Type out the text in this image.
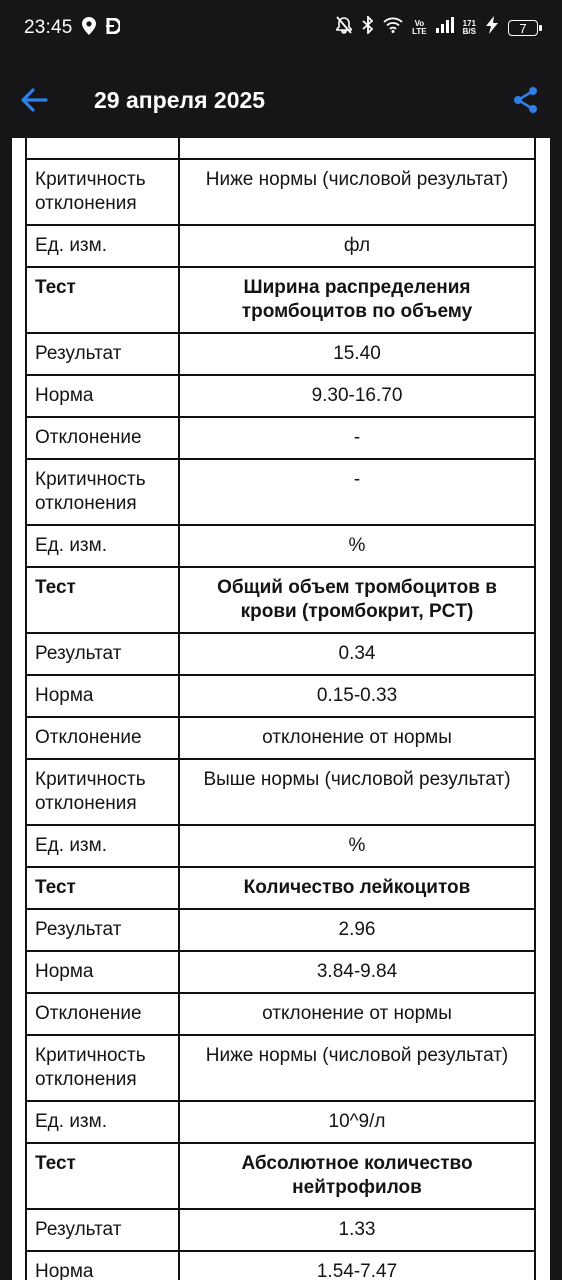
23:45	Vo
LTE
171
B/S	7
29 апреля 2025

Критичность отклонения	Ниже нормы (числовой результат)
Ед. изм.	фл
Тест	Ширина распределения тромбоцитов по объему
Результат	15.40
Норма	9.30-16.70
Отклонение	-
Критичность отклонения	-
Ед. изм.	%
Тест	Общий объем тромбоцитов в крови (тромбокрит, PCT)
Результат	0.34
Норма	0.15-0.33
Отклонение	отклонение от нормы
Критичность отклонения	Выше нормы (числовой результат)
Ед. изм.	%
Тест	Количество лейкоцитов
Результат	2.96
Норма	3.84-9.84
Отклонение	отклонение от нормы
Критичность отклонения	Ниже нормы (числовой результат)
Ед. изм.	10^9/л
Тест	Абсолютное количество нейтрофилов
Результат	1.33
Норма	1.54-7.47
